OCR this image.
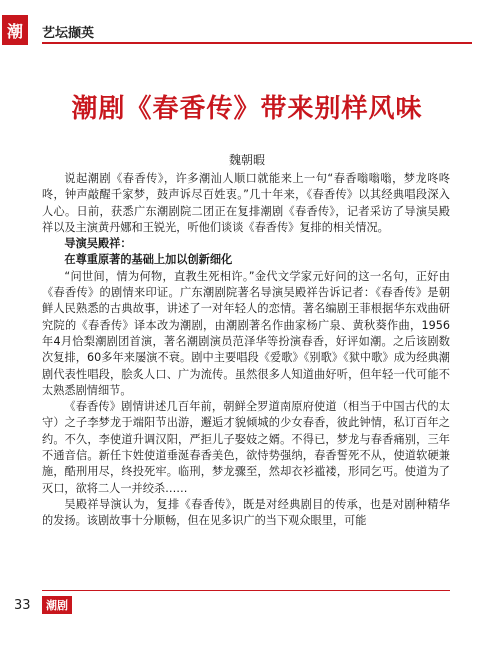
潮	艺坛撷英
潮剧《春香传》带来别样风味
魏朝暇

说起潮剧《春香传》，许多潮汕人顺口就能来上一句“春香嗡嗡嗡，梦龙咚咚咚，钟声敲醒千家梦，鼓声诉尽百姓衷。”几十年来，《春香传》以其经典唱段深入人心。日前，获悉广东潮剧院二团正在复排潮剧《春香传》，记者采访了导演吴殿祥以及主演黄丹娜和王锐光，听他们谈谈《春香传》复排的相关情况。

导演吴殿祥：

在尊重原著的基础上加以创新细化

“问世间，情为何物，直教生死相许。”金代文学家元好问的这一名句，正好由《春香传》的剧情来印证。广东潮剧院著名导演吴殿祥告诉记者：《春香传》是朝鲜人民熟悉的古典故事，讲述了一对年轻人的恋情。著名编剧王菲根据华东戏曲研究院的《春香传》译本改为潮剧，由潮剧著名作曲家杨广泉、黄秋葵作曲，1956年4月恰梨潮剧团首演，著名潮剧演员范泽华等扮演春香，好评如潮。之后该剧数次复排，60多年来屡演不衰。剧中主要唱段《爱歌》《别歌》《狱中歌》成为经典潮剧代表性唱段，脍炙人口、广为流传。虽然很多人知道曲好听，但年轻一代可能不太熟悉剧情细节。

《春香传》剧情讲述几百年前，朝鲜全罗道南原府使道（相当于中国古代的太守）之子李梦龙于端阳节出游，邂逅才貌倾城的少女春香，彼此钟情，私订百年之约。不久，李使道升调汉阳，严拒儿子娶妓之婿。不得已，梦龙与春香痛别，三年不通音信。新任卞姓使道垂涎春香美色，欲恃势强纳，春香誓死不从，使道软硬兼施，酷刑用尽，终投死牢。临刑，梦龙骤至，然却衣衫褴褛，形同乞丐。使道为了灭口，欲将二人一并绞杀……

吴殿祥导演认为，复排《春香传》，既是对经典剧目的传承，也是对剧种精华的发扬。该剧故事十分顺畅，但在见多识广的当下观众眼里，可能

33	潮剧
